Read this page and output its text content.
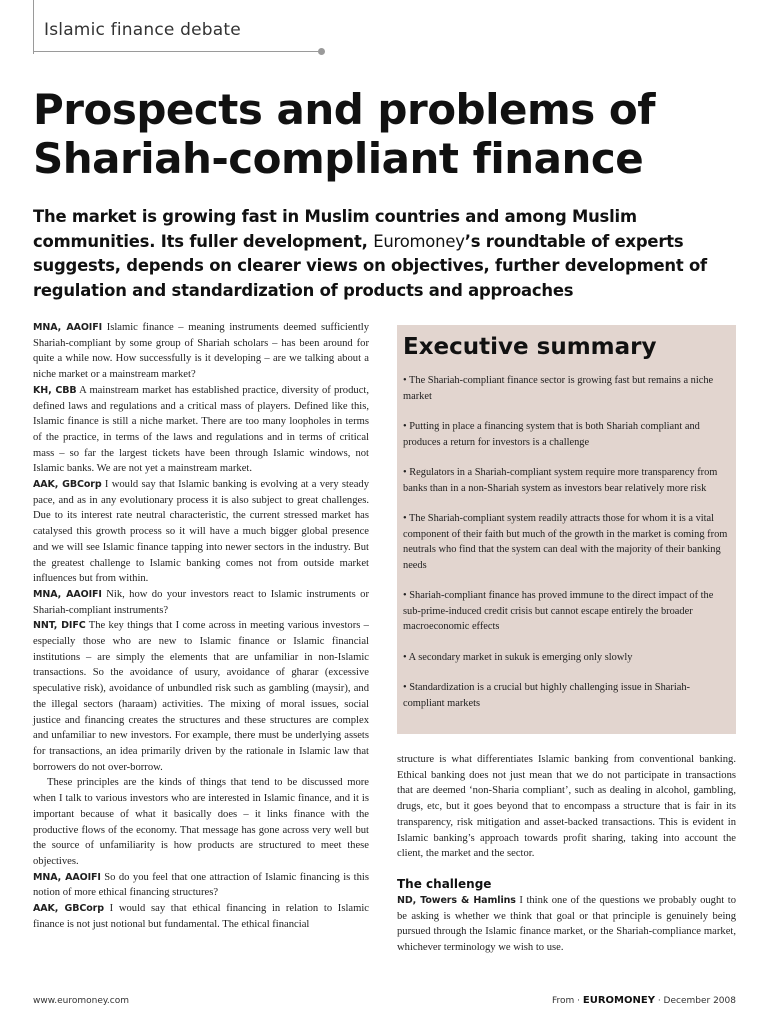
Islamic finance debate
Prospects and problems of
Shariah-compliant finance

The market is growing fast in Muslim countries and among Muslim communities. Its fuller development, Euromoney’s roundtable of experts suggests, depends on clearer views on objectives, further development of regulation and standardization of products and approaches

MNA, AAOIFI Islamic finance – meaning instruments deemed sufficiently Shariah-compliant by some group of Shariah scholars – has been around for quite a while now. How successfully is it developing – are we talking about a niche market or a mainstream market?

KH, CBB A mainstream market has established practice, diversity of product, defined laws and regulations and a critical mass of players. Defined like this, Islamic finance is still a niche market. There are too many loopholes in terms of the practice, in terms of the laws and regulations and in terms of critical mass – so far the largest tickets have been through Islamic windows, not Islamic banks. We are not yet a mainstream market.

AAK, GBCorp I would say that Islamic banking is evolving at a very steady pace, and as in any evolutionary process it is also subject to great challenges. Due to its interest rate neutral characteristic, the current stressed market has catalysed this growth process so it will have a much bigger global presence and we will see Islamic finance tapping into newer sectors in the industry. But the greatest challenge to Islamic banking comes not from outside market influences but from within.

MNA, AAOIFI Nik, how do your investors react to Islamic instruments or Shariah-compliant instruments?

NNT, DIFC The key things that I come across in meeting various investors – especially those who are new to Islamic finance or Islamic financial institutions – are simply the elements that are unfamiliar in non-Islamic transactions. So the avoidance of usury, avoidance of gharar (excessive speculative risk), avoidance of unbundled risk such as gambling (maysir), and the illegal sectors (haraam) activities. The mixing of moral issues, social justice and financing creates the structures and these structures are complex and unfamiliar to new investors. For example, there must be underlying assets for transactions, an idea primarily driven by the rationale in Islamic law that borrowers do not over-borrow.

These principles are the kinds of things that tend to be discussed more when I talk to various investors who are interested in Islamic finance, and it is important because of what it basically does – it links finance with the productive flows of the economy. That message has gone across very well but the source of unfamiliarity is how products are structured to meet these objectives.

MNA, AAOIFI So do you feel that one attraction of Islamic financing is this notion of more ethical financing structures?

AAK, GBCorp I would say that ethical financing in relation to Islamic finance is not just notional but fundamental. The ethical financial

Executive summary

• The Shariah-compliant finance sector is growing fast but remains a niche market

• Putting in place a financing system that is both Shariah compliant and produces a return for investors is a challenge

• Regulators in a Shariah-compliant system require more transparency from banks than in a non-Shariah system as investors bear relatively more risk

• The Shariah-compliant system readily attracts those for whom it is a vital component of their faith but much of the growth in the market is coming from neutrals who find that the system can deal with the majority of their banking needs

• Shariah-compliant finance has proved immune to the direct impact of the sub-prime-induced credit crisis but cannot escape entirely the broader macroeconomic effects

• A secondary market in sukuk is emerging only slowly

• Standardization is a crucial but highly challenging issue in Shariah-compliant markets

structure is what differentiates Islamic banking from conventional banking. Ethical banking does not just mean that we do not participate in transactions that are deemed ‘non-Sharia compliant’, such as dealing in alcohol, gambling, drugs, etc, but it goes beyond that to encompass a structure that is fair in its transparency, risk mitigation and asset-backed transactions. This is evident in Islamic banking’s approach towards profit sharing, taking into account the client, the market and the sector.

The challenge

ND, Towers & Hamlins I think one of the questions we probably ought to be asking is whether we think that goal or that principle is genuinely being pursued through the Islamic finance market, or the Shariah-compliance market, whichever terminology we wish to use.

www.euromoney.com	From · EUROMONEY · December 2008
